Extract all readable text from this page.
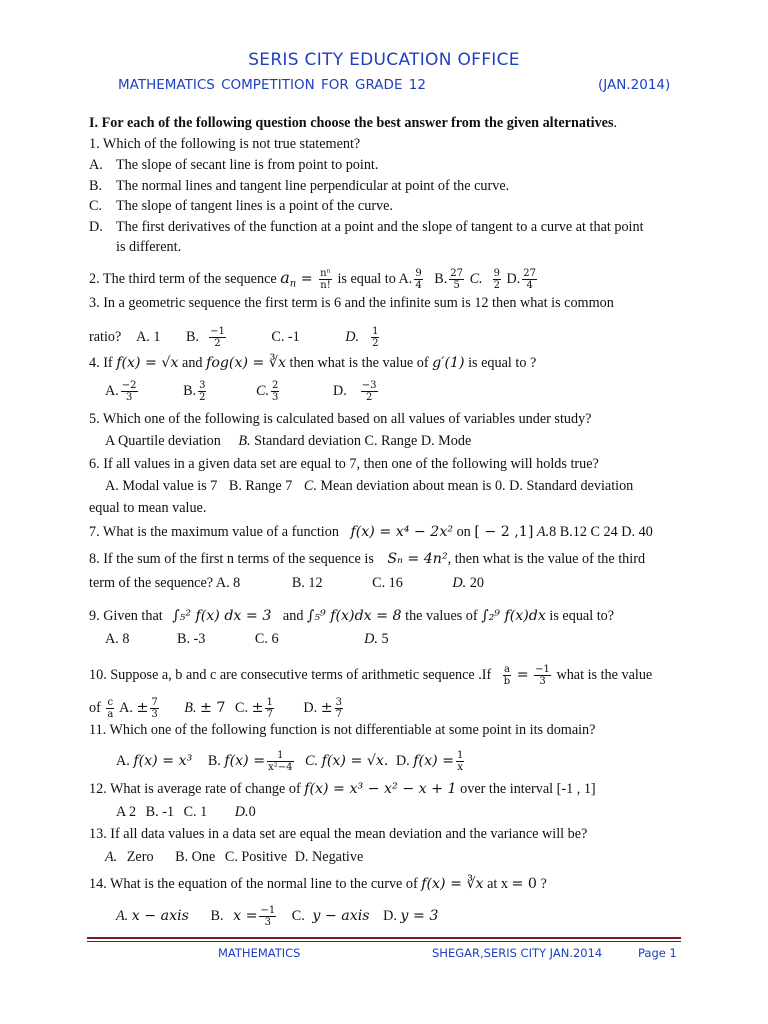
SERIS CITY EDUCATION OFFICE
MATHEMATICS COMPETITION FOR GRADE 12	(JAN.2014)
I. For each of the following question choose the best answer from the given alternatives.
1. Which of the following is not true statement?
A. The slope of secant line is from point to point.
B. The normal lines and tangent line perpendicular at point of the curve.
C. The slope of tangent lines is a point of the curve.
D. The first derivatives of the function at a point and the slope of tangent to a curve at that point
is different.
2. The third term of the sequence $a_n = \frac{\text{nⁿ}}{n!}$ is equal to A. $\frac{9}{4} B$. $\frac{27}{5} C$. $\frac{9}{2} D$. $\frac{27}{4}$
3. In a geometric sequence the first term is 6 and the infinite sum is 12 then what is common
ratio? A. 1 B. $\frac{-1}{2}$	C. -1	D. $\frac{1}{2}$
4. If f(x) = √x and fog(x) = ∛x then what is the value of g′(1) is equal to ?
A. $\frac{-2}{3}$	B. $\frac{3}{2}$	C. $\frac{2}{3}$	D. $\frac{-3}{2}$
5. Which one of the following is calculated based on all values of variables under study?
A Quartile deviation B. Standard deviation C. Range D. Mode
6. If all values in a given data set are equal to 7, then one of the following will holds true?
A. Modal value is 7 B. Range 7 C. Mean deviation about mean is 0. D. Standard deviation
equal to mean value.
7. What is the maximum value of a function f(x) = x⁴ − 2x² on [ − 2 ,1] A.8 B.12 C 24 D. 40
8. If the sum of the first n terms of the sequence is Sₙ = 4n², then what is the value of the third
term of the sequence? A. 8	B. 12	C. 16	D. 20
9. Given that ∫₅² f(x) dx = 3 and ∫₅⁹ f(x)dx = 8 the values of ∫₂⁹ f(x)dx is equal to?
A. 8	B. -3	C. 6	D. 5
10. Suppose a, b and c are consecutive terms of arithmetic sequence $.If \frac{a}{b} = \frac{-1}{3}$ what is the value
of $\frac{c}{a} A$. ± $\frac{7}{3} B$. ± 7 C. ± $\frac{1}{7} D$. ± $\frac{3}{7}$
11. Which one of the following function is not differentiable at some point in its domain?
A. f(x) = x³ B. $f(x) = \frac{1}{\text{x²−4}} C$. f(x) = √x. D. $f(x) = \frac{1}{x}$
12. What is average rate of change of f(x) = x³ − x² − x + 1 over the interval [-1 , 1]
A 2 B. -1 C. 1 D.0
13. If all data values in a data set are equal the mean deviation and the variance will be?
A. Zero B. One C. Positive D. Negative
14. What is the equation of the normal line to the curve of f(x) = ∛x at x = 0 ?
A. x − axis B. $x = \frac{-1}{3} C$. y − axis D. y = 3
MATHEMATICS	SHEGAR,SERIS CITY JAN.2014	Page 1
